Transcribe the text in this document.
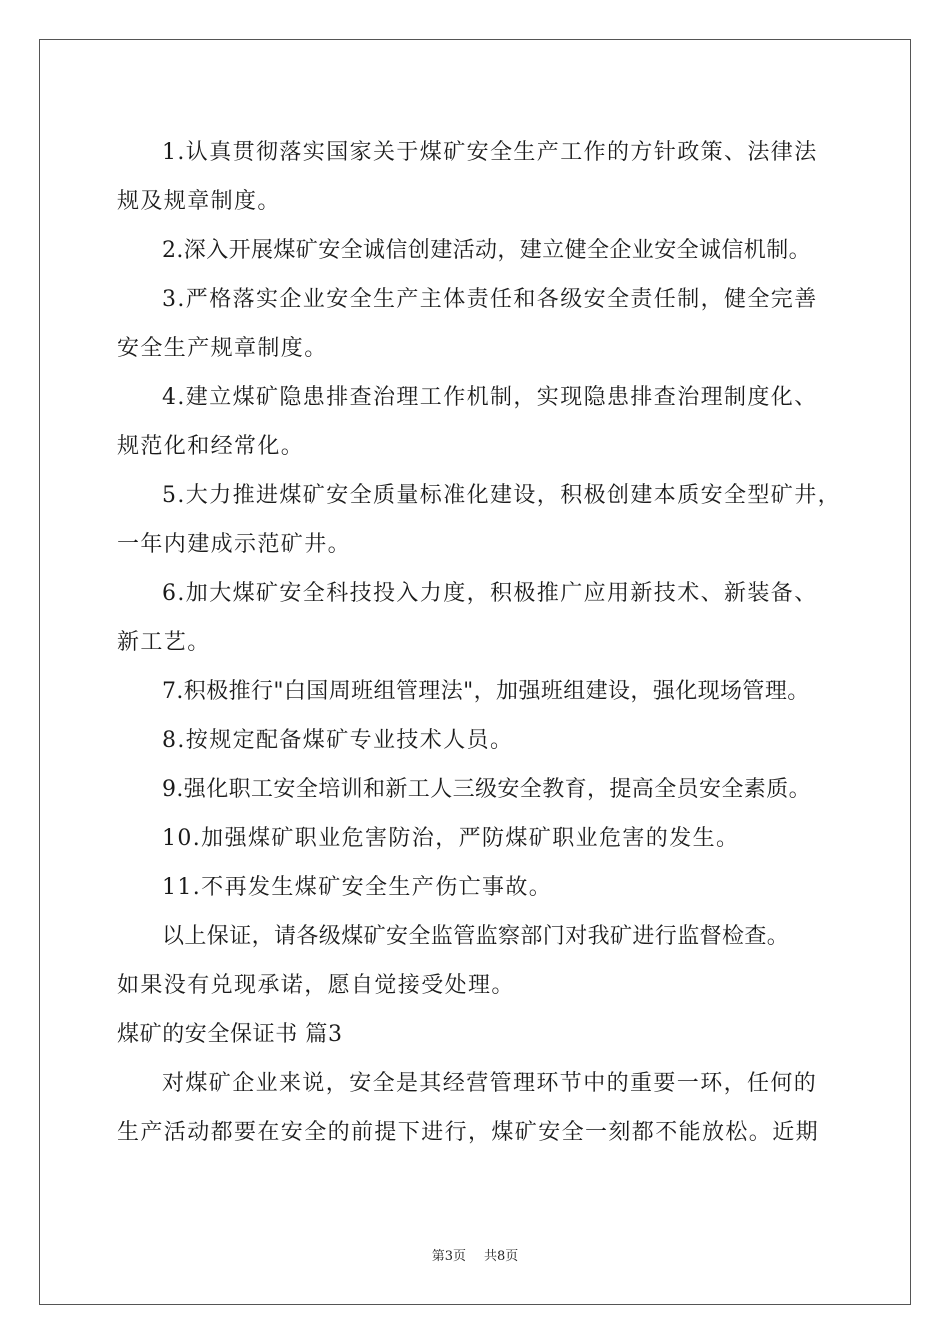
1.认真贯彻落实国家关于煤矿安全生产工作的方针政策、法律法
规及规章制度。
2.深入开展煤矿安全诚信创建活动，建立健全企业安全诚信机制。
3.严格落实企业安全生产主体责任和各级安全责任制，健全完善
安全生产规章制度。
4.建立煤矿隐患排查治理工作机制，实现隐患排查治理制度化、
规范化和经常化。
5.大力推进煤矿安全质量标准化建设，积极创建本质安全型矿井，
一年内建成示范矿井。
6.加大煤矿安全科技投入力度，积极推广应用新技术、新装备、
新工艺。
7.积极推行"白国周班组管理法"，加强班组建设，强化现场管理。
8.按规定配备煤矿专业技术人员。
9.强化职工安全培训和新工人三级安全教育，提高全员安全素质。
10.加强煤矿职业危害防治，严防煤矿职业危害的发生。
11.不再发生煤矿安全生产伤亡事故。
以上保证，请各级煤矿安全监管监察部门对我矿进行监督检查。
如果没有兑现承诺，愿自觉接受处理。
煤矿的安全保证书 篇3
对煤矿企业来说，安全是其经营管理环节中的重要一环，任何的
生产活动都要在安全的前提下进行，煤矿安全一刻都不能放松。近期
第3页 共8页
